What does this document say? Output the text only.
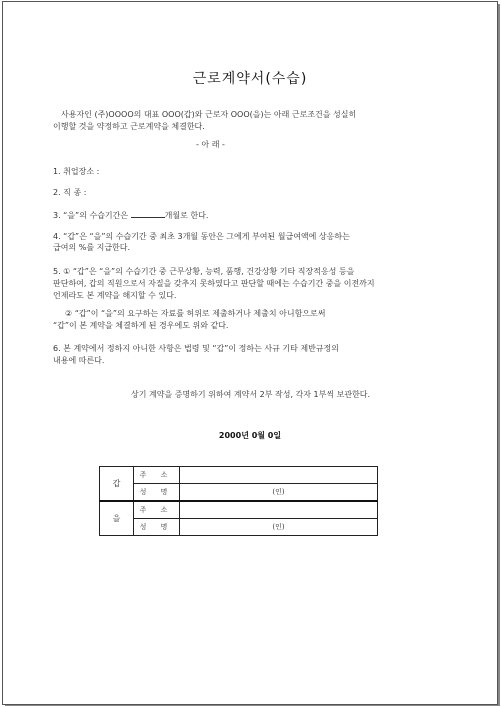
근로계약서(수습)
사용자인 (주)OOOO의 대표 OOO(갑)와 근로자 OOO(을)는 아래 근로조건을 성실히
이행할 것을 약정하고 근로계약을 체결한다.
- 아 래 -
1. 취업장소 :
2. 직 종 :
3. “을”의 수습기간은	개월로 한다.
4. “갑”은 “을”의 수습기간 중 최초 3개월 동안은 그에게 부여된 월급여액에 상응하는
급여의 %를 지급한다.
5. ① “갑”은 “을”의 수습기간 중 근무상황, 능력, 품행, 건강상황 기타 직장적응성 등을
판단하여, 갑의 직원으로서 자질을 갖추지 못하였다고 판단할 때에는 수습기간 중을 이전까지
언제라도 본 계약을 해지할 수 있다.
② “갑”이 “을”의 요구하는 자료를 허위로 제출하거나 제출치 아니함으로써
“갑”이 본 계약을 체결하게 된 경우에도 위와 같다.
6. 본 계약에서 정하지 아니한 사항은 법령 및 “갑”이 정하는 사규 기타 제반규정의
내용에 따른다.
상기 계약을 증명하기 위하여 계약서 2부 작성, 각자 1부씩 보관한다.
2000년 0월 0일
갑	주 소	
	성 명	(인)
을	주 소	
	성 명	(인)
